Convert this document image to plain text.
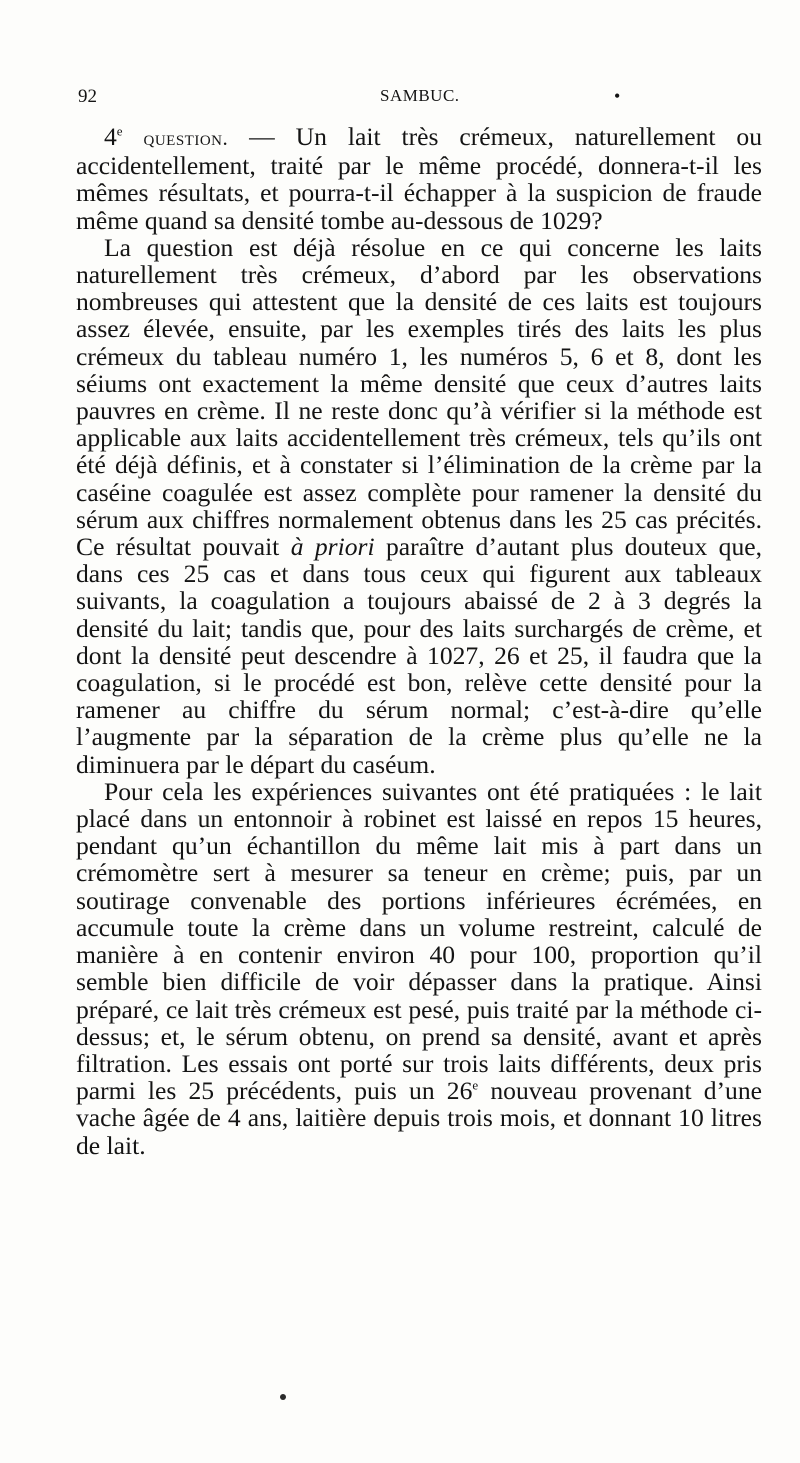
92	SAMBUC.	•

4e question. — Un lait très crémeux, naturellement ou accidentellement, traité par le même procédé, donnera-t-il les mêmes résultats, et pourra-t-il échapper à la suspicion de fraude même quand sa densité tombe au-dessous de 1029?

La question est déjà résolue en ce qui concerne les laits naturellement très crémeux, d’abord par les observations nombreuses qui attestent que la densité de ces laits est toujours assez élevée, ensuite, par les exemples tirés des laits les plus crémeux du tableau numéro 1, les numéros 5, 6 et 8, dont les séiums ont exactement la même densité que ceux d’autres laits pauvres en crème. Il ne reste donc qu’à vérifier si la méthode est applicable aux laits accidentellement très crémeux, tels qu’ils ont été déjà définis, et à constater si l’élimination de la crème par la caséine coagulée est assez complète pour ramener la densité du sérum aux chiffres normalement obtenus dans les 25 cas précités. Ce résultat pouvait à priori paraître d’autant plus douteux que, dans ces 25 cas et dans tous ceux qui figurent aux tableaux suivants, la coagulation a toujours abaissé de 2 à 3 degrés la densité du lait; tandis que, pour des laits surchargés de crème, et dont la densité peut descendre à 1027, 26 et 25, il faudra que la coagulation, si le procédé est bon, relève cette densité pour la ramener au chiffre du sérum normal; c’est-à-dire qu’elle l’augmente par la séparation de la crème plus qu’elle ne la diminuera par le départ du caséum.

Pour cela les expériences suivantes ont été pratiquées : le lait placé dans un entonnoir à robinet est laissé en repos 15 heures, pendant qu’un échantillon du même lait mis à part dans un crémomètre sert à mesurer sa teneur en crème; puis, par un soutirage convenable des portions inférieures écrémées, en accumule toute la crème dans un volume restreint, calculé de manière à en contenir environ 40 pour 100, proportion qu’il semble bien difficile de voir dépasser dans la pratique. Ainsi préparé, ce lait très crémeux est pesé, puis traité par la méthode ci-dessus; et, le sérum obtenu, on prend sa densité, avant et après filtration. Les essais ont porté sur trois laits différents, deux pris parmi les 25 précédents, puis un 26e nouveau provenant d’une vache âgée de 4 ans, laitière depuis trois mois, et donnant 10 litres de lait.
